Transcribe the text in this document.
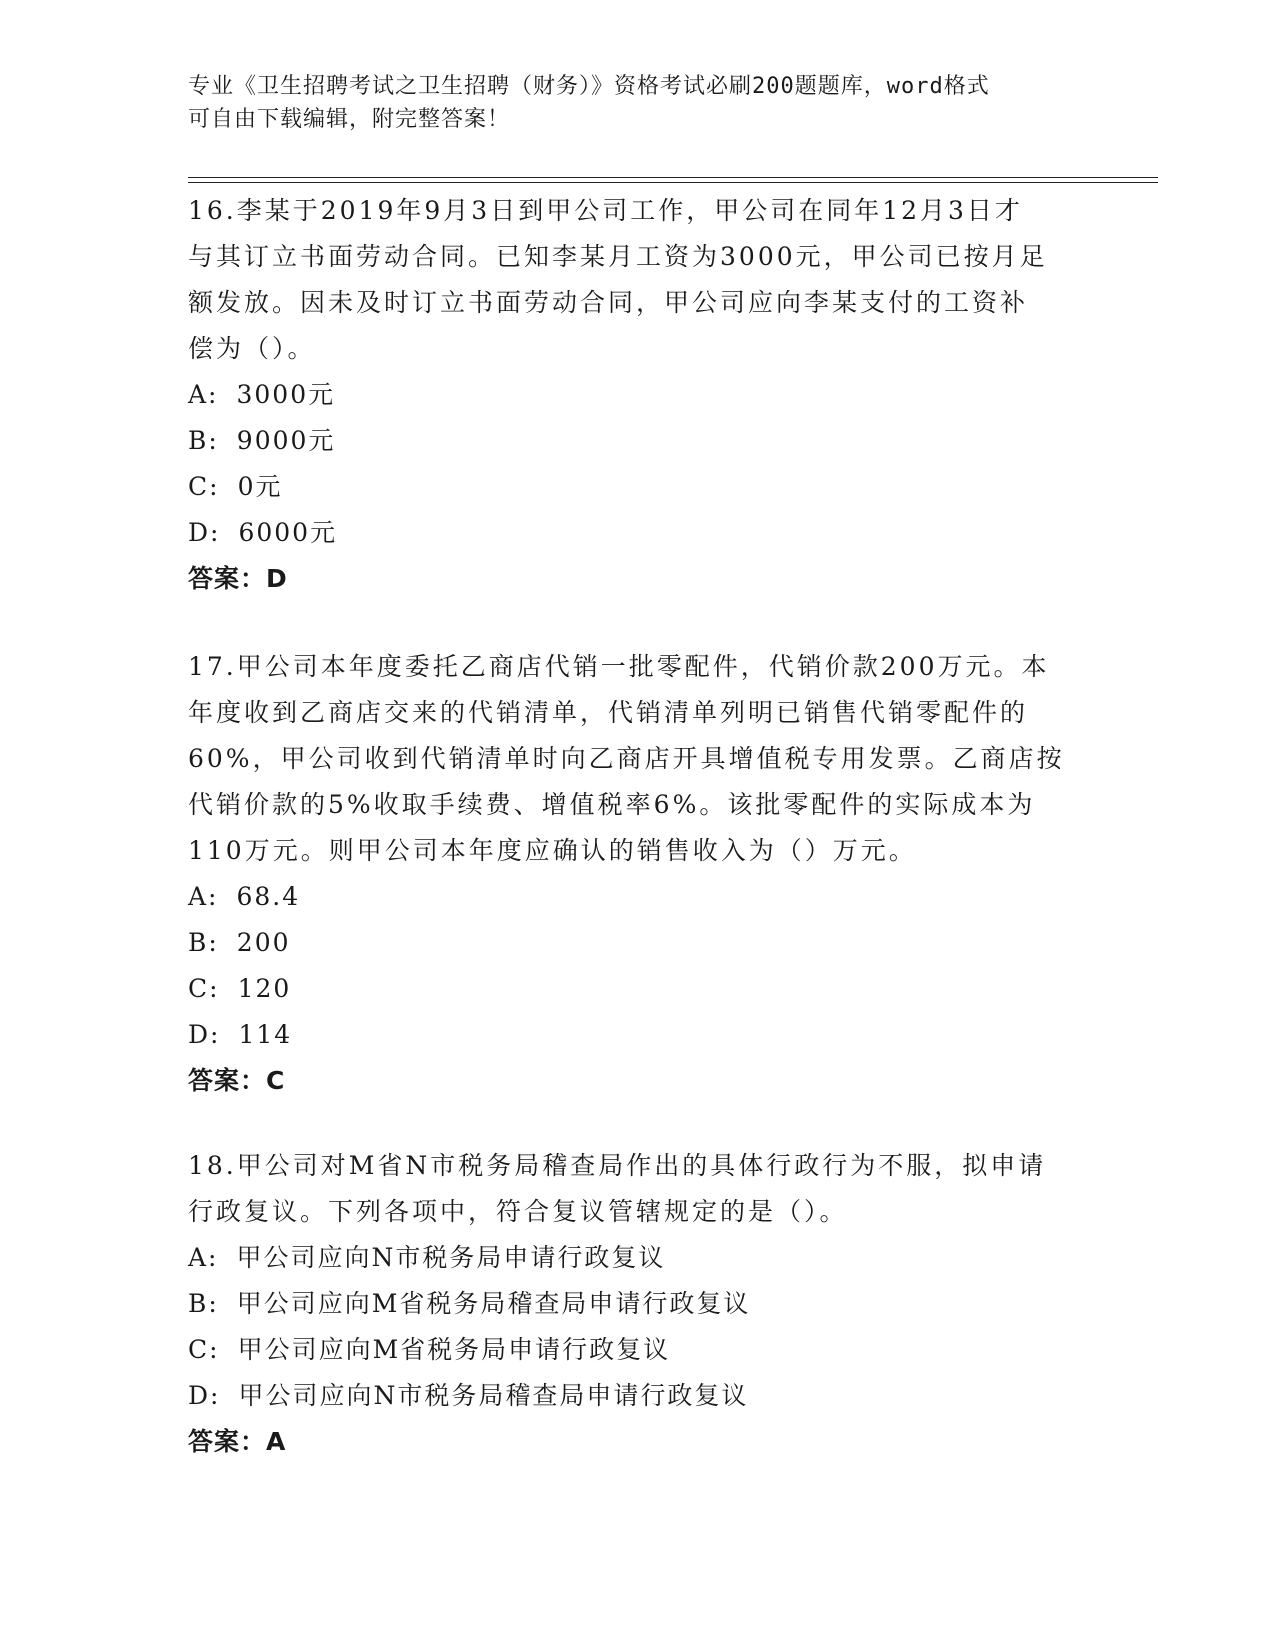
专业《卫生招聘考试之卫生招聘（财务）》资格考试必刷200题题库，word格式
可自由下载编辑，附完整答案！

16.李某于2019年9月3日到甲公司工作，甲公司在同年12月3日才

与其订立书面劳动合同。已知李某月工资为3000元，甲公司已按月足

额发放。因未及时订立书面劳动合同，甲公司应向李某支付的工资补

偿为（）。

A: 3000元

B: 9000元

C: 0元

D: 6000元

答案：D

17.甲公司本年度委托乙商店代销一批零配件，代销价款200万元。本

年度收到乙商店交来的代销清单，代销清单列明已销售代销零配件的

60%，甲公司收到代销清单时向乙商店开具增值税专用发票。乙商店按

代销价款的5%收取手续费、增值税率6%。该批零配件的实际成本为

110万元。则甲公司本年度应确认的销售收入为（）万元。

A: 68.4

B: 200

C: 120

D: 114

答案：C

18.甲公司对M省N市税务局稽查局作出的具体行政行为不服，拟申请

行政复议。下列各项中，符合复议管辖规定的是（）。

A: 甲公司应向N市税务局申请行政复议

B: 甲公司应向M省税务局稽查局申请行政复议

C: 甲公司应向M省税务局申请行政复议

D: 甲公司应向N市税务局稽查局申请行政复议

答案：A
